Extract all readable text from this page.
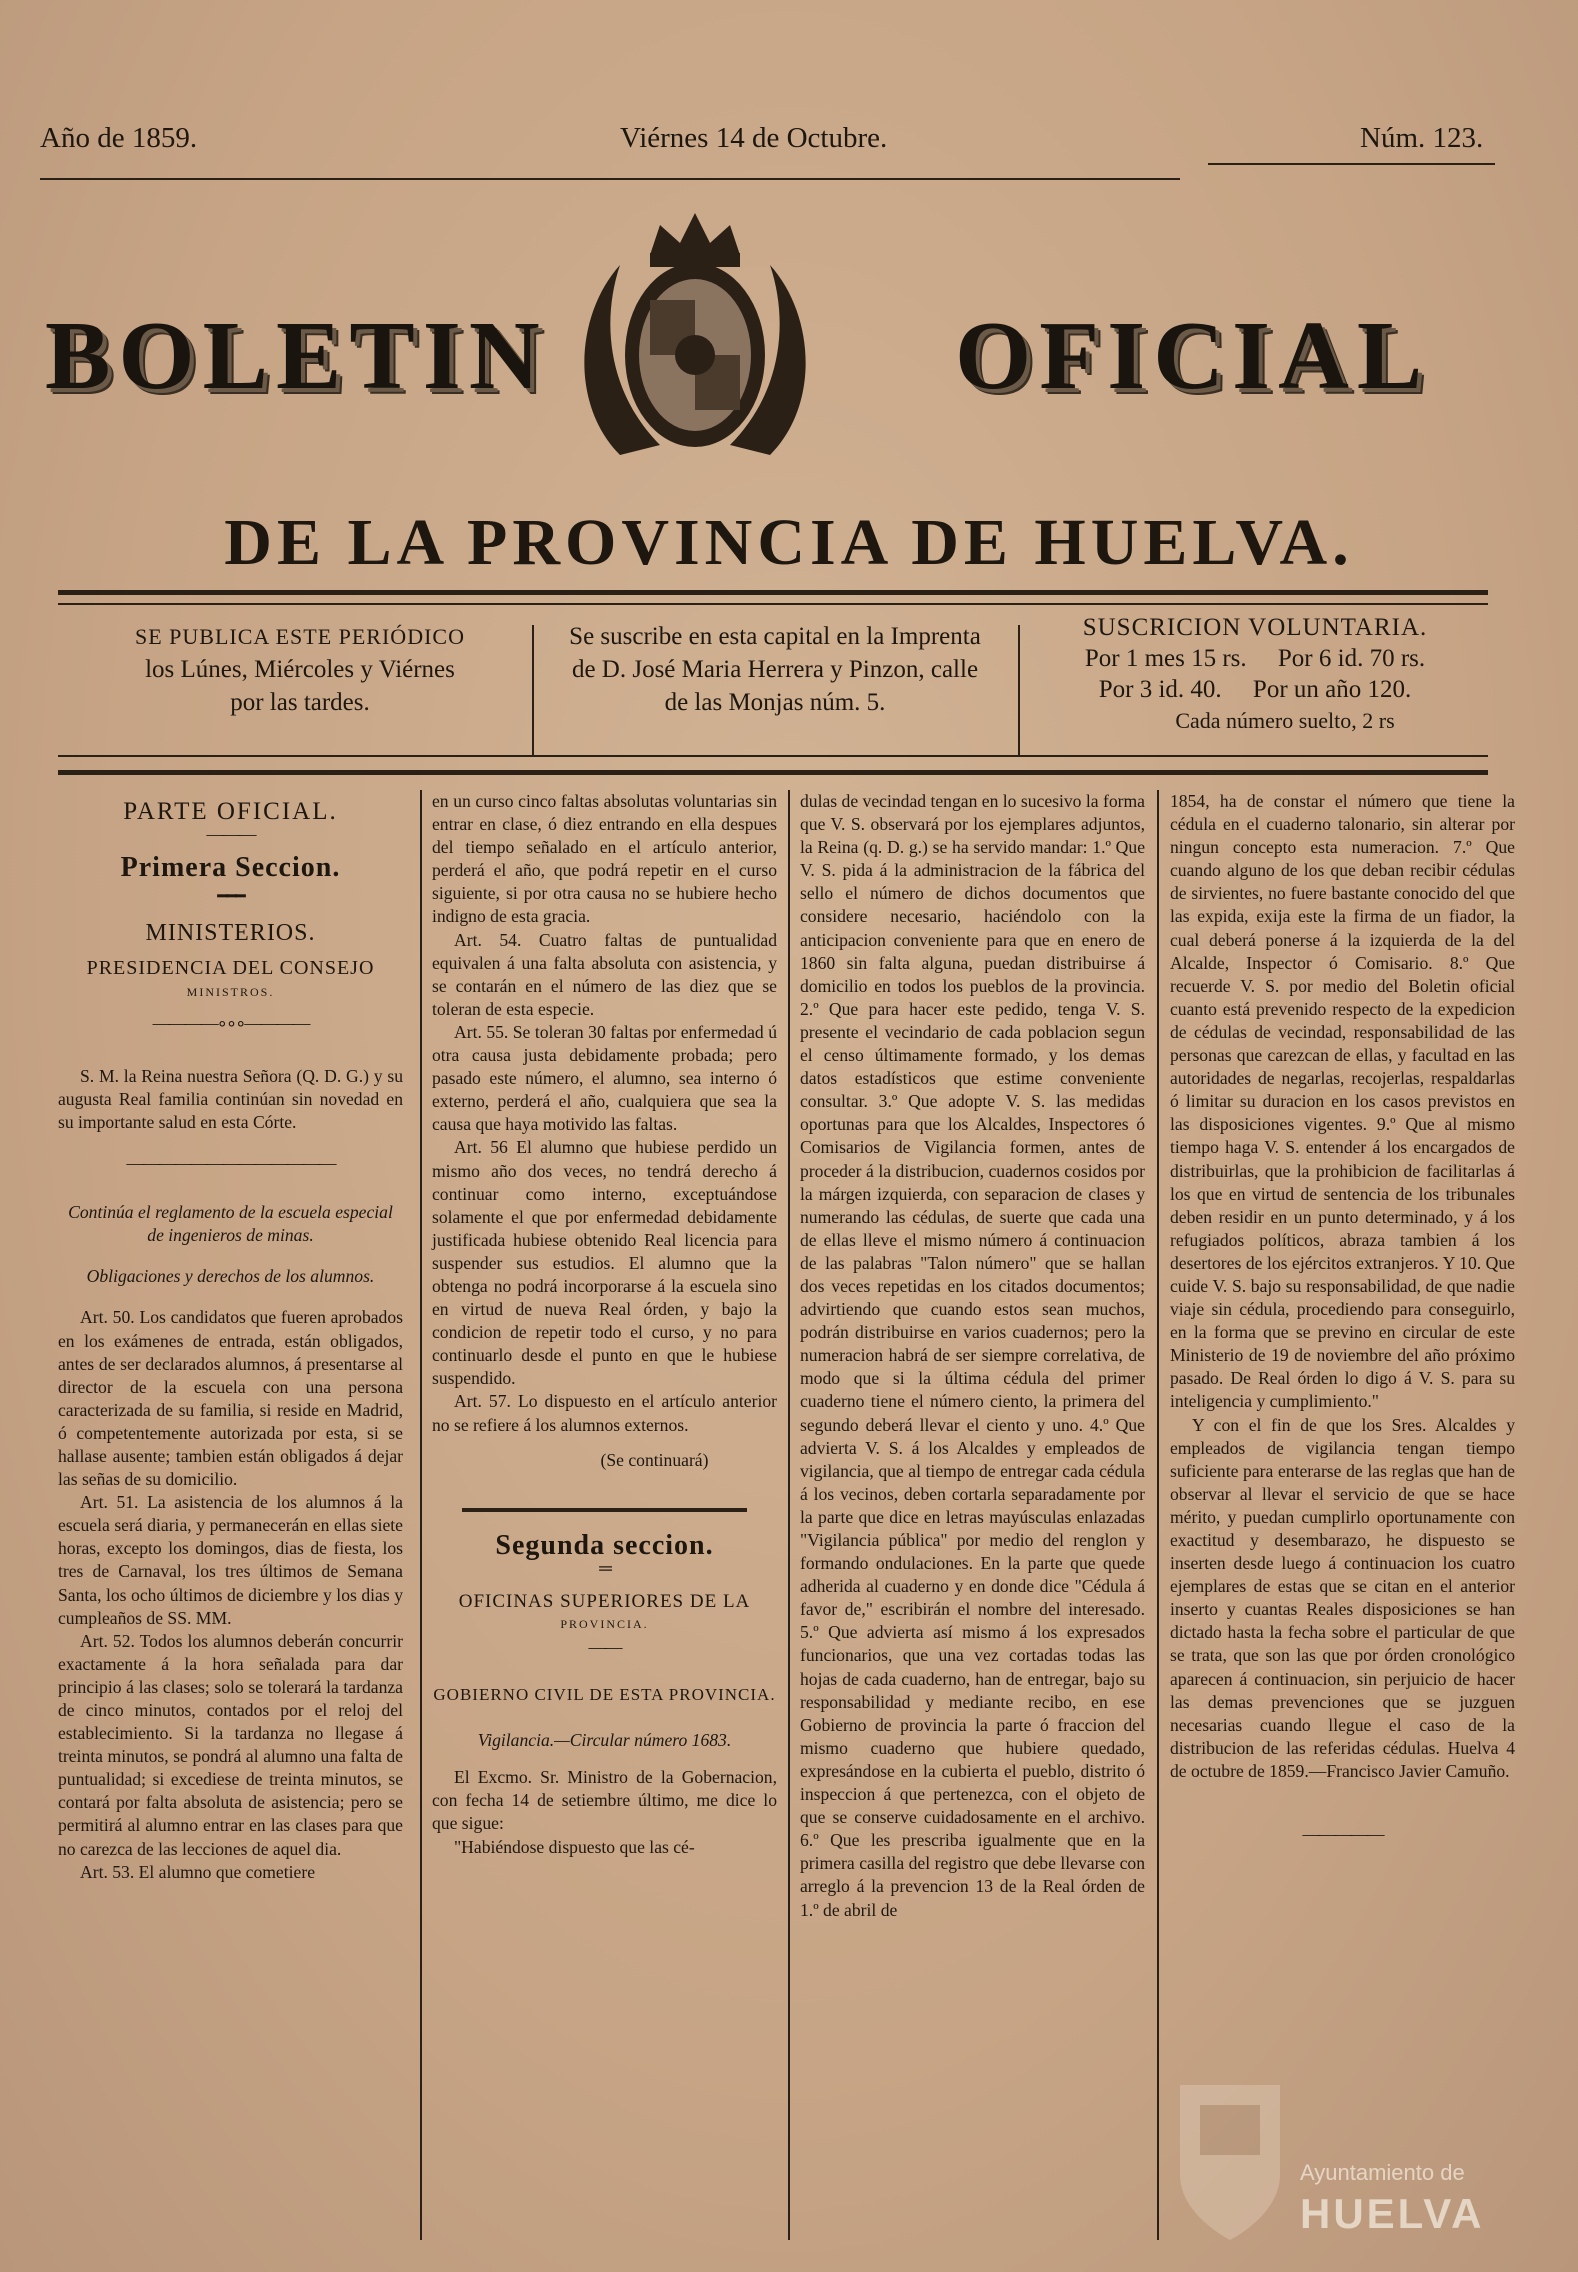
Año de 1859.	Viérnes 14 de Octubre.	Núm. 123.
BOLETIN	OFICIAL
DE LA PROVINCIA DE HUELVA.
SE PUBLICA ESTE PERIÓDICO
los Lúnes, Miércoles y Viérnes
por las tardes.
Se suscribe en esta capital en la Imprenta
de D. José Maria Herrera y Pinzon, calle
de las Monjas núm. 5.
SUSCRICION VOLUNTARIA.
Por 1 mes 15 rs.     Por 6 id. 70 rs.
Por 3 id. 40.     Por un año 120.
Cada número suelto, 2 rs
PARTE OFICIAL.
―――
Primera Seccion.
━━━
MINISTERIOS.
PRESIDENCIA DEL CONSEJO
MINISTROS.
――――∘∘∘――――

S. M. la Reina nuestra Señora (Q. D. G.) y su augusta Real familia continúan sin novedad en su importante salud en esta Córte.

―――――――――――――

Continúa el reglamento de la escuela especial de ingenieros de minas.

Obligaciones y derechos de los alumnos.

Art. 50. Los candidatos que fueren aprobados en los exámenes de entrada, están obligados, antes de ser declarados alumnos, á presentarse al director de la escuela con una persona caracterizada de su familia, si reside en Madrid, ó competentemente autorizada por esta, si se hallase ausente; tambien están obligados á dejar las señas de su domicilio.

Art. 51. La asistencia de los alumnos á la escuela será diaria, y permanecerán en ellas siete horas, excepto los domingos, dias de fiesta, los tres de Carnaval, los tres últimos de Semana Santa, los ocho últimos de diciembre y los dias y cumpleaños de SS. MM.

Art. 52. Todos los alumnos deberán concurrir exactamente á la hora señalada para dar principio á las clases; solo se tolerará la tardanza de cinco minutos, contados por el reloj del establecimiento. Si la tardanza no llegase á treinta minutos, se pondrá al alumno una falta de puntualidad; si excediese de treinta minutos, se contará por falta absoluta de asistencia; pero se permitirá al alumno entrar en las clases para que no carezca de las lecciones de aquel dia.

Art. 53. El alumno que cometiere

en un curso cinco faltas absolutas voluntarias sin entrar en clase, ó diez entrando en ella despues del tiempo señalado en el artículo anterior, perderá el año, que podrá repetir en el curso siguiente, si por otra causa no se hubiere hecho indigno de esta gracia.

Art. 54. Cuatro faltas de puntualidad equivalen á una falta absoluta con asistencia, y se contarán en el número de las diez que se toleran de esta especie.

Art. 55. Se toleran 30 faltas por enfermedad ú otra causa justa debidamente probada; pero pasado este número, el alumno, sea interno ó externo, perderá el año, cualquiera que sea la causa que haya motivido las faltas.

Art. 56 El alumno que hubiese perdido un mismo año dos veces, no tendrá derecho á continuar como interno, exceptuándose solamente el que por enfermedad debidamente justificada hubiese obtenido Real licencia para suspender sus estudios. El alumno que la obtenga no podrá incorporarse á la escuela sino en virtud de nueva Real órden, y bajo la condicion de repetir todo el curso, y no para continuarlo desde el punto en que le hubiese suspendido.

Art. 57. Lo dispuesto en el artículo anterior no se refiere á los alumnos externos.

(Se continuará)

Segunda seccion.
═
OFICINAS SUPERIORES DE LA
PROVINCIA.
――
GOBIERNO CIVIL DE ESTA PROVINCIA.

Vigilancia.—Circular número 1683.

El Excmo. Sr. Ministro de la Gobernacion, con fecha 14 de setiembre último, me dice lo que sigue:

"Habiéndose dispuesto que las cé-

dulas de vecindad tengan en lo sucesivo la forma que V. S. observará por los ejemplares adjuntos, la Reina (q. D. g.) se ha servido mandar: 1.º Que V. S. pida á la administracion de la fábrica del sello el número de dichos documentos que considere necesario, haciéndolo con la anticipacion conveniente para que en enero de 1860 sin falta alguna, puedan distribuirse á domicilio en todos los pueblos de la provincia. 2.º Que para hacer este pedido, tenga V. S. presente el vecindario de cada poblacion segun el censo últimamente formado, y los demas datos estadísticos que estime conveniente consultar. 3.º Que adopte V. S. las medidas oportunas para que los Alcaldes, Inspectores ó Comisarios de Vigilancia formen, antes de proceder á la distribucion, cuadernos cosidos por la márgen izquierda, con separacion de clases y numerando las cédulas, de suerte que cada una de ellas lleve el mismo número á continuacion de las palabras "Talon número" que se hallan dos veces repetidas en los citados documentos; advirtiendo que cuando estos sean muchos, podrán distribuirse en varios cuadernos; pero la numeracion habrá de ser siempre correlativa, de modo que si la última cédula del primer cuaderno tiene el número ciento, la primera del segundo deberá llevar el ciento y uno. 4.º Que advierta V. S. á los Alcaldes y empleados de vigilancia, que al tiempo de entregar cada cédula á los vecinos, deben cortarla separadamente por la parte que dice en letras mayúsculas enlazadas "Vigilancia pública" por medio del renglon y formando ondulaciones. En la parte que quede adherida al cuaderno y en donde dice "Cédula á favor de," escribirán el nombre del interesado. 5.º Que advierta así mismo á los expresados funcionarios, que una vez cortadas todas las hojas de cada cuaderno, han de entregar, bajo su responsabilidad y mediante recibo, en ese Gobierno de provincia la parte ó fraccion del mismo cuaderno que hubiere quedado, expresándose en la cubierta el pueblo, distrito ó inspeccion á que pertenezca, con el objeto de que se conserve cuidadosamente en el archivo. 6.º Que les prescriba igualmente que en la primera casilla del registro que debe llevarse con arreglo á la prevencion 13 de la Real órden de 1.º de abril de

1854, ha de constar el número que tiene la cédula en el cuaderno talonario, sin alterar por ningun concepto esta numeracion. 7.º Que cuando alguno de los que deban recibir cédulas de sirvientes, no fuere bastante conocido del que las expida, exija este la firma de un fiador, la cual deberá ponerse á la izquierda de la del Alcalde, Inspector ó Comisario. 8.º Que recuerde V. S. por medio del Boletin oficial cuanto está prevenido respecto de la expedicion de cédulas de vecindad, responsabilidad de las personas que carezcan de ellas, y facultad en las autoridades de negarlas, recojerlas, respaldarlas ó limitar su duracion en los casos previstos en las disposiciones vigentes. 9.º Que al mismo tiempo haga V. S. entender á los encargados de distribuirlas, que la prohibicion de facilitarlas á los que en virtud de sentencia de los tribunales deben residir en un punto determinado, y á los refugiados políticos, abraza tambien á los desertores de los ejércitos extranjeros. Y 10. Que cuide V. S. bajo su responsabilidad, de que nadie viaje sin cédula, procediendo para conseguirlo, en la forma que se previno en circular de este Ministerio de 19 de noviembre del año próximo pasado. De Real órden lo digo á V. S. para su inteligencia y cumplimiento."

Y con el fin de que los Sres. Alcaldes y empleados de vigilancia tengan tiempo suficiente para enterarse de las reglas que han de observar al llevar el servicio de que se hace mérito, y puedan cumplirlo oportunamente con exactitud y desembarazo, he dispuesto se inserten desde luego á continuacion los cuatro ejemplares de estas que se citan en el anterior inserto y cuantas Reales disposiciones se han dictado hasta la fecha sobre el particular de que se trata, que son las que por órden cronológico aparecen á continuacion, sin perjuicio de hacer las demas prevenciones que se juzguen necesarias cuando llegue el caso de la distribucion de las referidas cédulas. Huelva 4 de octubre de 1859.—Francisco Javier Camuño.

―――――
Ayuntamiento de
HUELVA
